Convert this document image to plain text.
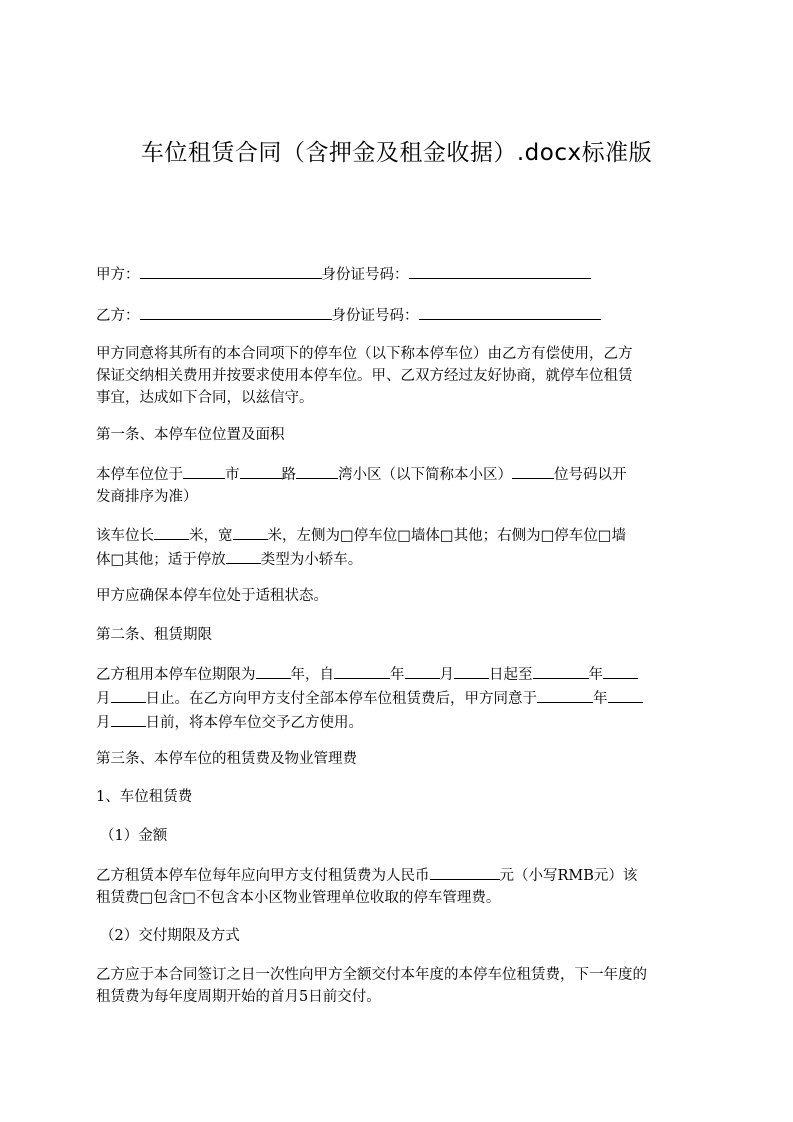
车位租赁合同（含押金及租金收据）.docx标准版
甲方：	身份证号码：
乙方：	身份证号码：
甲方同意将其所有的本合同项下的停车位（以下称本停车位）由乙方有偿使用，乙方
保证交纳相关费用并按要求使用本停车位。甲、乙双方经过友好协商，就停车位租赁
事宜，达成如下合同，以兹信守。
第一条、本停车位位置及面积
本停车位位于	市	路	湾小区（以下简称本小区）	位号码以开
发商排序为准）
该车位长 米，宽 米，左侧为□停车位□墙体□其他；右侧为□停车位□墙
体□其他；适于停放 类型为小轿车。
甲方应确保本停车位处于适租状态。
第二条、租赁期限
乙方租用本停车位期限为 年，自	年 月 日起至	年
月 日止。在乙方向甲方支付全部本停车位租赁费后，甲方同意于	年
月 日前，将本停车位交予乙方使用。
第三条、本停车位的租赁费及物业管理费
1、车位租赁费
（1）金额
乙方租赁本停车位每年应向甲方支付租赁费为人民币	元（小写RMB元）该
租赁费□包含□不包含本小区物业管理单位收取的停车管理费。
（2）交付期限及方式
乙方应于本合同签订之日一次性向甲方全额交付本年度的本停车位租赁费，下一年度的
租赁费为每年度周期开始的首月5日前交付。
